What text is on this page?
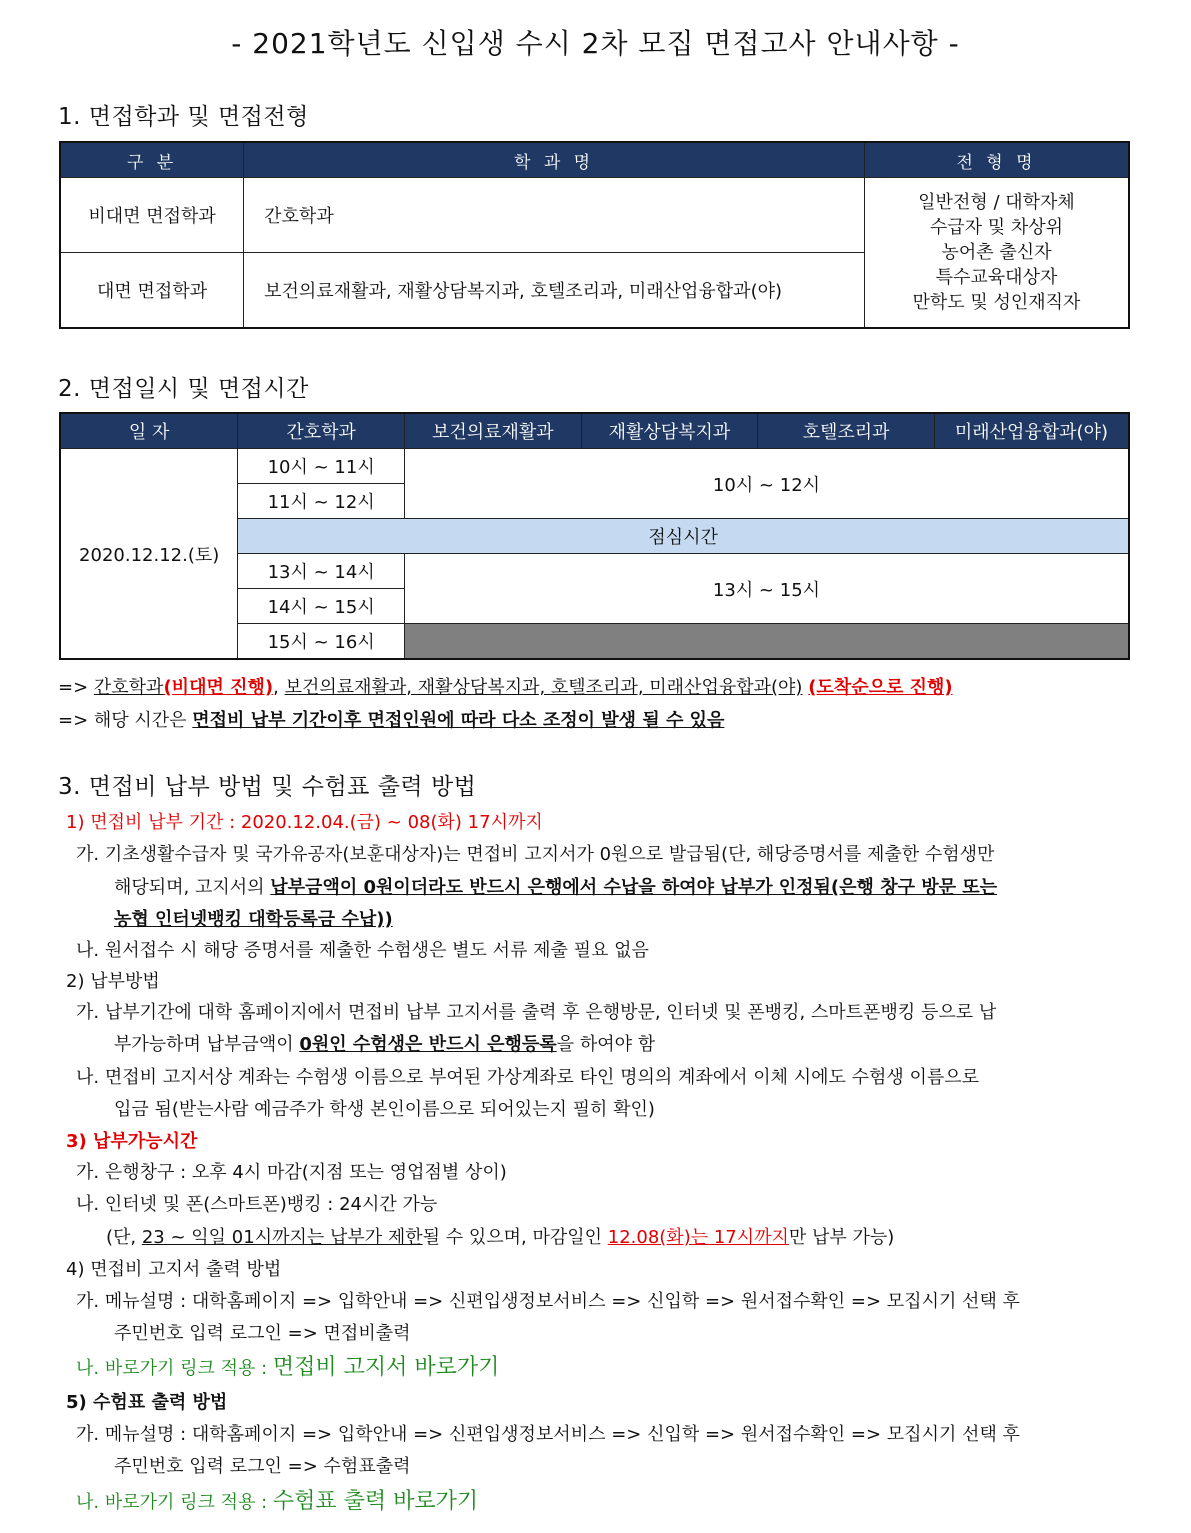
- 2021학년도 신입생 수시 2차 모집 면접고사 안내사항 -
1. 면접학과 및 면접전형
구 분	학 과 명	전 형 명
비대면 면접학과	간호학과	일반전형 / 대학자체
수급자 및 차상위
농어촌 출신자
특수교육대상자
만학도 및 성인재직자

대면 면접학과	보건의료재활과, 재활상담복지과, 호텔조리과, 미래산업융합과(야)	
2. 면접일시 및 면접시간
일 자	간호학과	보건의료재활과	재활상담복지과	호텔조리과	미래산업융합과(야)
2020.12.12.(토)	10시 ~ 11시	10시 ~ 12시			
	11시 ~ 12시				
	점심시간				
	13시 ~ 14시	13시 ~ 15시			
	14시 ~ 15시				
	15시 ~ 16시				
=> 간호학과(비대면 진행), 보건의료재활과, 재활상담복지과, 호텔조리과, 미래산업융합과(야) (도착순으로 진행)
=> 해당 시간은 면접비 납부 기간이후 면접인원에 따라 다소 조정이 발생 될 수 있음
3. 면접비 납부 방법 및 수험표 출력 방법
1) 면접비 납부 기간 : 2020.12.04.(금) ~ 08(화) 17시까지
가. 기초생활수급자 및 국가유공자(보훈대상자)는 면접비 고지서가 0원으로 발급됨(단, 해당증명서를 제출한 수험생만
해당되며, 고지서의 납부금액이 0원이더라도 반드시 은행에서 수납을 하여야 납부가 인정됨(은행 창구 방문 또는
농협 인터넷뱅킹 대학등록금 수납))
나. 원서접수 시 해당 증명서를 제출한 수험생은 별도 서류 제출 필요 없음
2) 납부방법
가. 납부기간에 대학 홈페이지에서 면접비 납부 고지서를 출력 후 은행방문, 인터넷 및 폰뱅킹, 스마트폰뱅킹 등으로 납
부가능하며 납부금액이 0원인 수험생은 반드시 은행등록을 하여야 함
나. 면접비 고지서상 계좌는 수험생 이름으로 부여된 가상계좌로 타인 명의의 계좌에서 이체 시에도 수험생 이름으로
입금 됨(받는사람 예금주가 학생 본인이름으로 되어있는지 필히 확인)
3) 납부가능시간
가. 은행창구 : 오후 4시 마감(지점 또는 영업점별 상이)
나. 인터넷 및 폰(스마트폰)뱅킹 : 24시간 가능
(단, 23 ~ 익일 01시까지는 납부가 제한될 수 있으며, 마감일인 12.08(화)는 17시까지만 납부 가능)
4) 면접비 고지서 출력 방법
가. 메뉴설명 : 대학홈페이지 => 입학안내 => 신편입생정보서비스 => 신입학 => 원서접수확인 => 모집시기 선택 후
주민번호 입력 로그인 => 면접비출력
나. 바로가기 링크 적용 : 면접비 고지서 바로가기
5) 수험표 출력 방법
가. 메뉴설명 : 대학홈페이지 => 입학안내 => 신편입생정보서비스 => 신입학 => 원서접수확인 => 모집시기 선택 후
주민번호 입력 로그인 => 수험표출력
나. 바로가기 링크 적용 : 수험표 출력 바로가기
